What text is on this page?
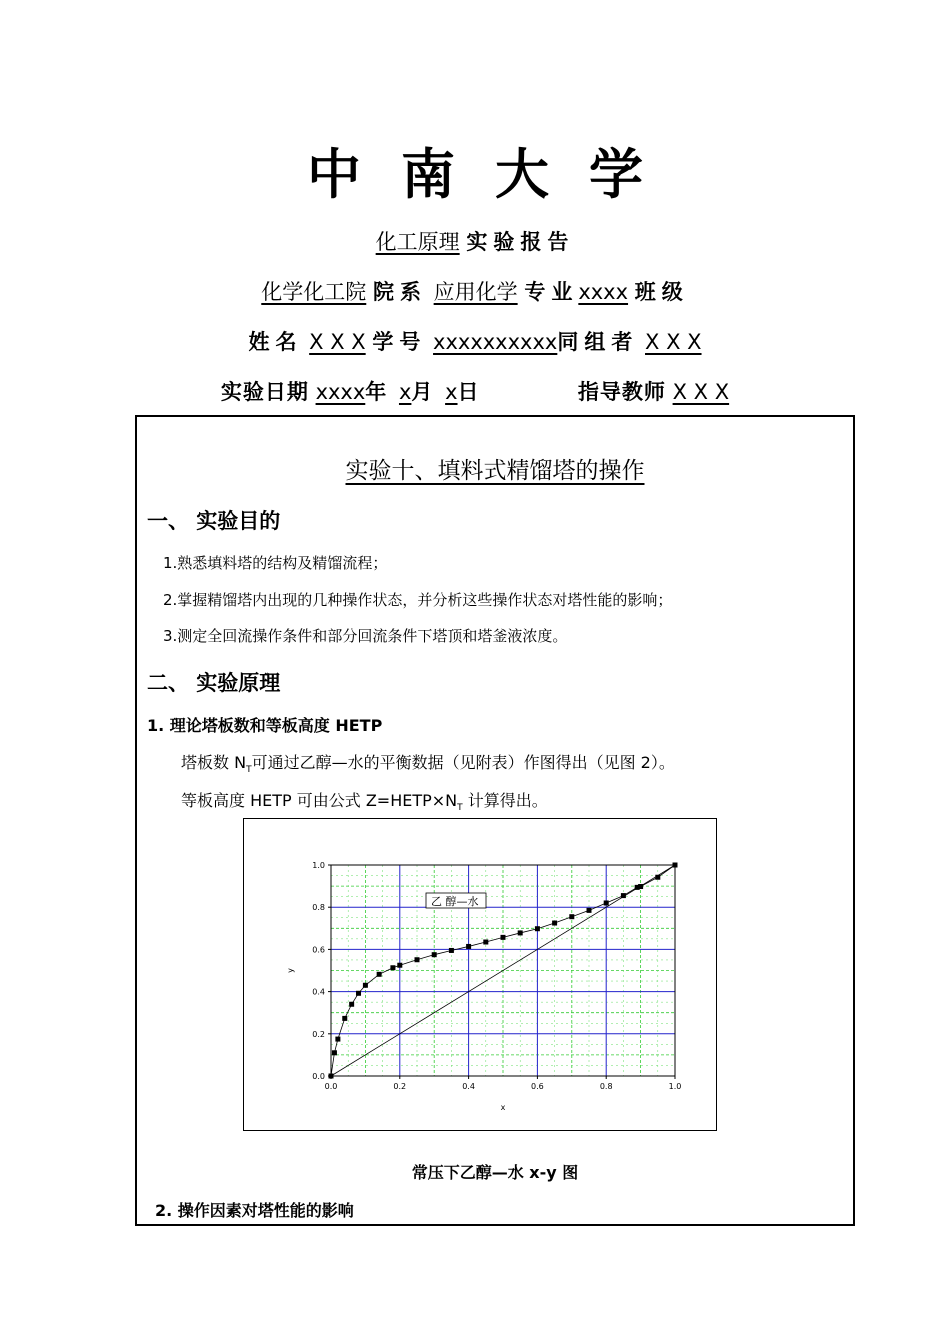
中南大学
化工原理 实验报告
化学化工院 院系 应用化学 专业xxxx 班级
姓名 X X X 学号 xxxxxxxxxx同组者 X X X
实验日期 xxxx年 x月 x日	指导教师 X X X
实验十、填料式精馏塔的操作
一、 实验目的
1.熟悉填料塔的结构及精馏流程；
2.掌握精馏塔内出现的几种操作状态，并分析这些操作状态对塔性能的影响；
3.测定全回流操作条件和部分回流条件下塔顶和塔釜液浓度。
二、 实验原理
1. 理论塔板数和等板高度 HETP
塔板数 $N_T$可通过乙醇—水的平衡数据（见附表）作图得出（见图 2）。
等板高度 HETP 可由公式 $Z=HETP\times N_T$ 计算得出。
0.0	0.2	0.4	0.6	0.8	1.0
0.0
0.2
0.4
0.6
0.8
1.0
x
y
乙 醇—水
常压下乙醇—水 x-y 图
2. 操作因素对塔性能的影响
